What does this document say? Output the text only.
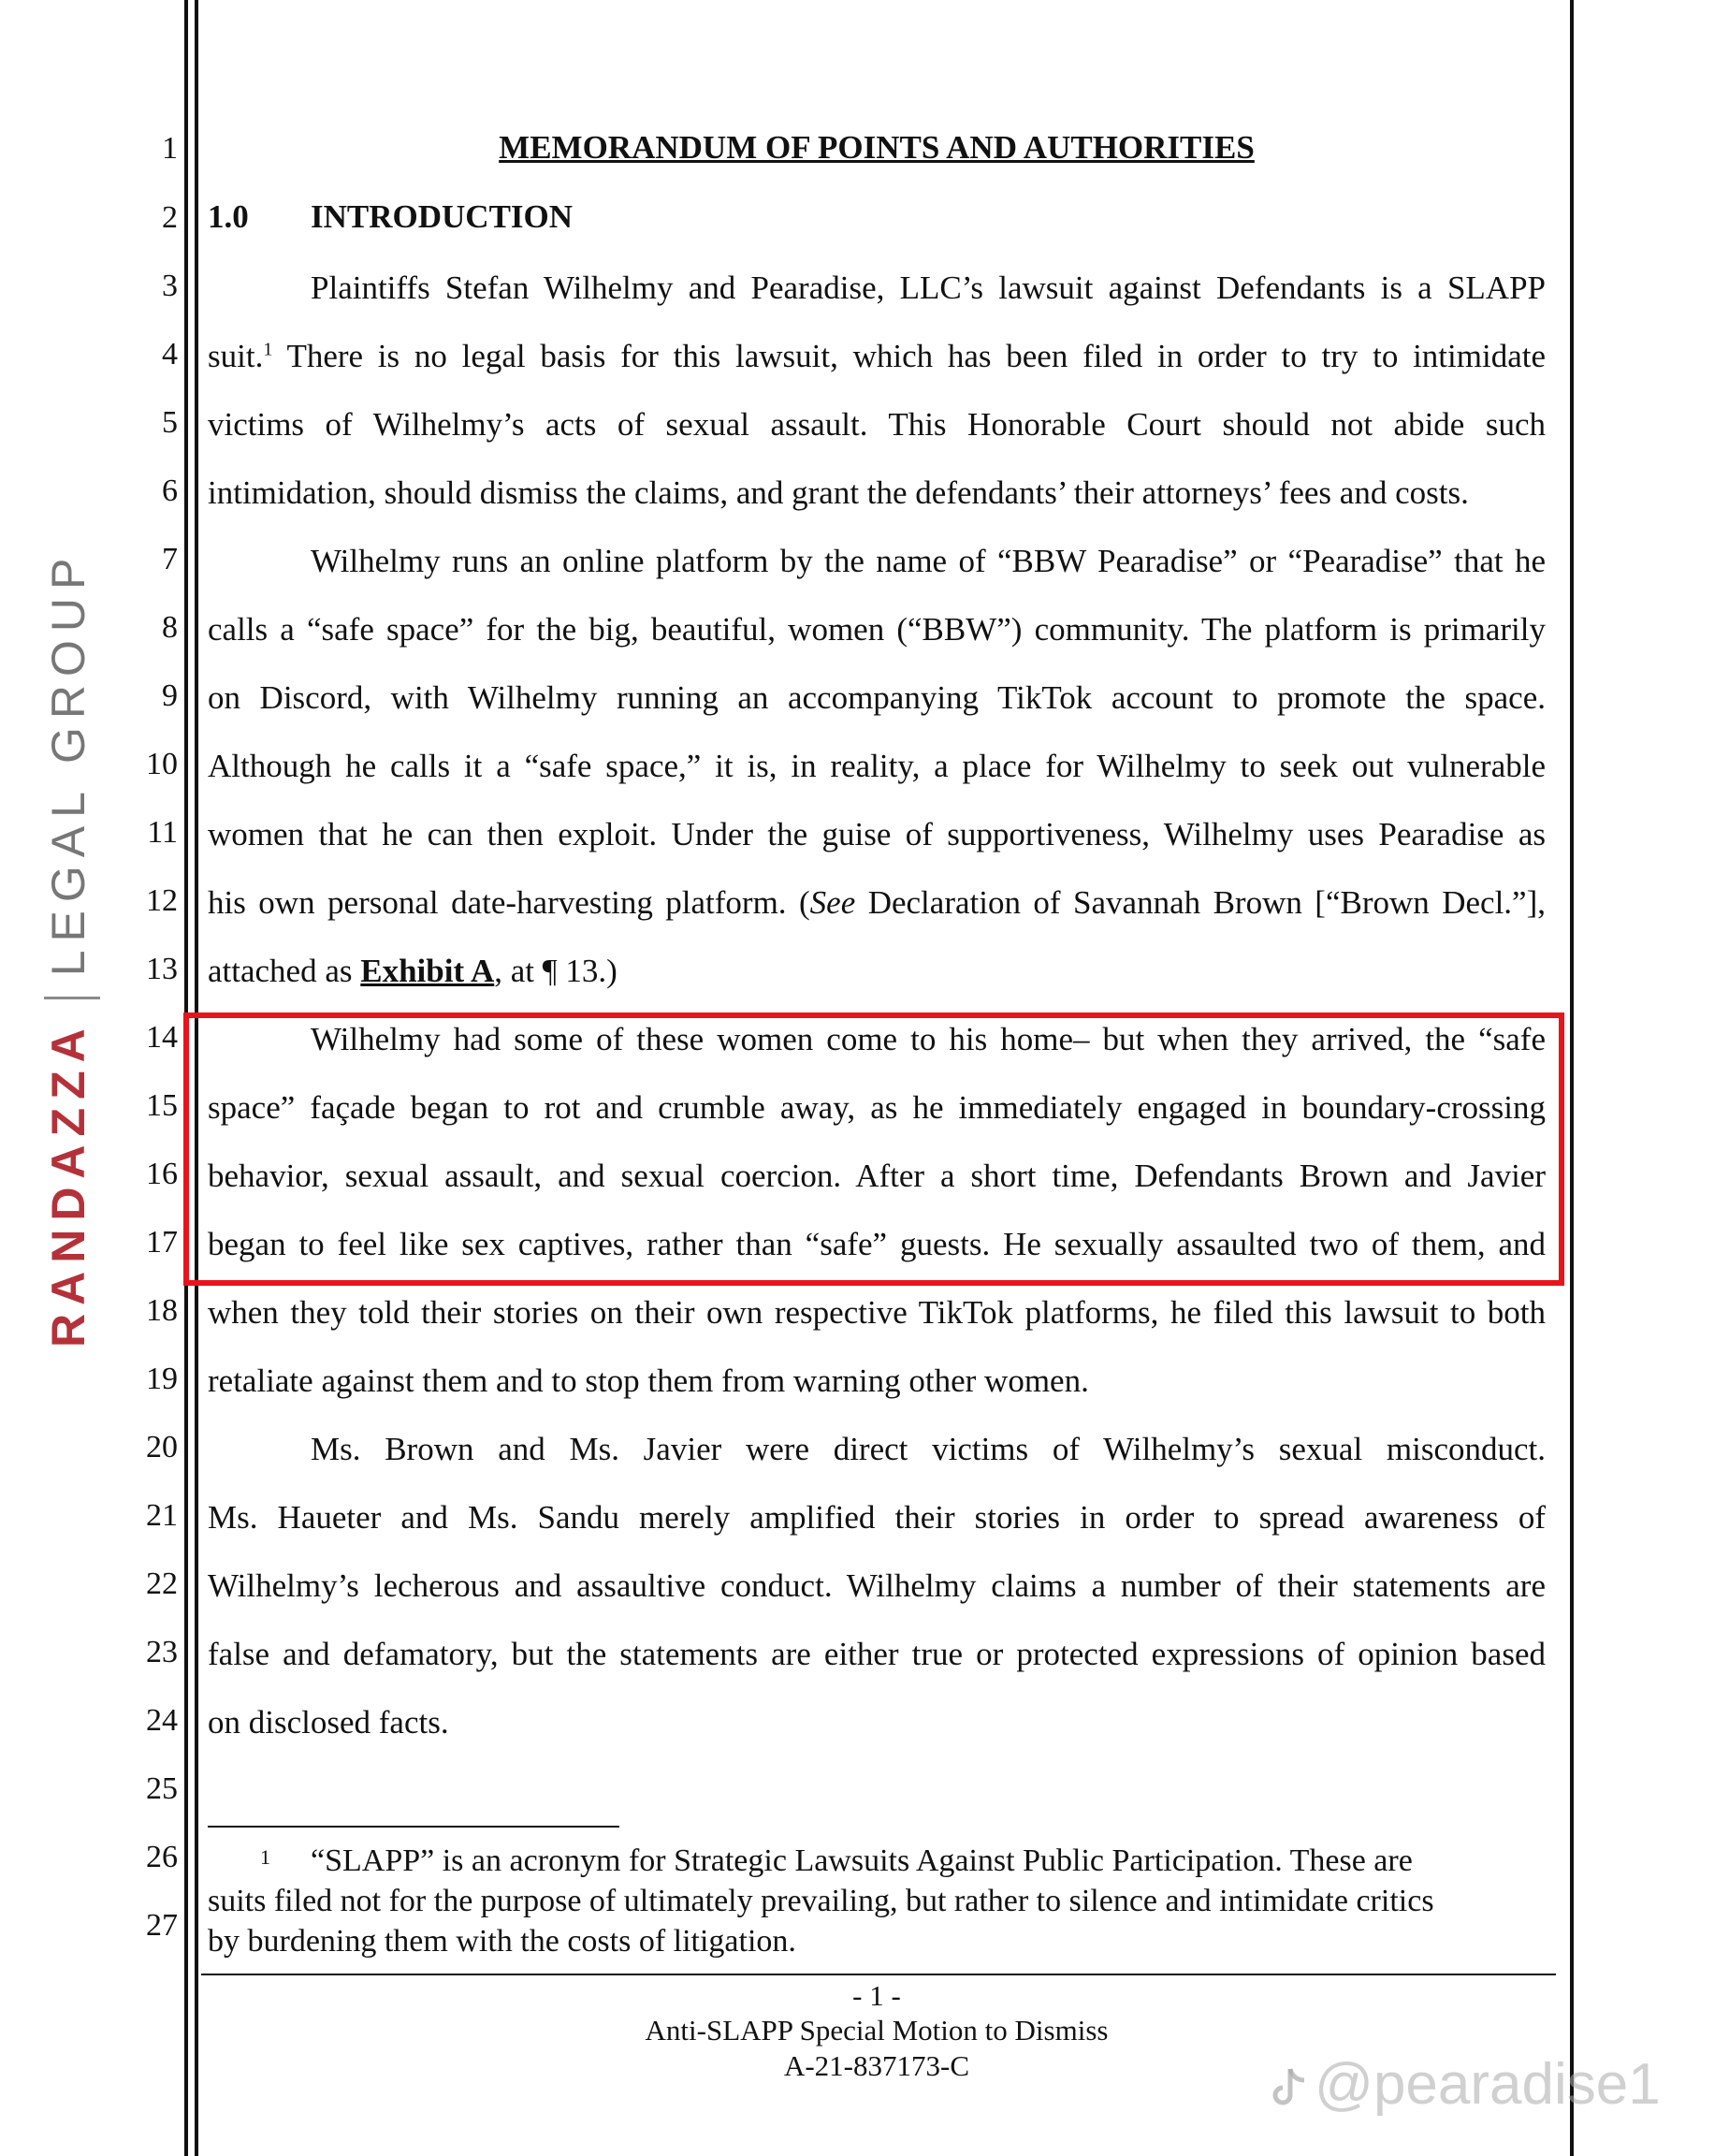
RANDAZZALEGAL GROUP
1
2
3
4
5
6
7
8
9
10
11
12
13
14
15
16
17
18
19
20
21
22
23
24
25
26
27
MEMORANDUM OF POINTS AND AUTHORITIES
1.0 INTRODUCTION
Plaintiffs Stefan Wilhelmy and Pearadise, LLC’s lawsuit against Defendants is a SLAPP
suit.$^1$ There is no legal basis for this lawsuit, which has been filed in order to try to intimidate
victims of Wilhelmy’s acts of sexual assault. This Honorable Court should not abide such
intimidation, should dismiss the claims, and grant the defendants’ their attorneys’ fees and costs.
Wilhelmy runs an online platform by the name of “BBW Pearadise” or “Pearadise” that he
calls a “safe space” for the big, beautiful, women (“BBW”) community. The platform is primarily
on Discord, with Wilhelmy running an accompanying TikTok account to promote the space.
Although he calls it a “safe space,” it is, in reality, a place for Wilhelmy to seek out vulnerable
women that he can then exploit. Under the guise of supportiveness, Wilhelmy uses Pearadise as
his own personal date-harvesting platform. (See Declaration of Savannah Brown [“Brown Decl.”],
attached as Exhibit A, at ¶ 13.)
Wilhelmy had some of these women come to his home– but when they arrived, the “safe
space” façade began to rot and crumble away, as he immediately engaged in boundary-crossing
behavior, sexual assault, and sexual coercion. After a short time, Defendants Brown and Javier
began to feel like sex captives, rather than “safe” guests. He sexually assaulted two of them, and
when they told their stories on their own respective TikTok platforms, he filed this lawsuit to both
retaliate against them and to stop them from warning other women.
Ms. Brown and Ms. Javier were direct victims of Wilhelmy’s sexual misconduct.
Ms. Haueter and Ms. Sandu merely amplified their stories in order to spread awareness of
Wilhelmy’s lecherous and assaultive conduct. Wilhelmy claims a number of their statements are
false and defamatory, but the statements are either true or protected expressions of opinion based
on disclosed facts.
1	“SLAPP” is an acronym for Strategic Lawsuits Against Public Participation. These are
suits filed not for the purpose of ultimately prevailing, but rather to silence and intimidate critics
by burdening them with the costs of litigation.
- 1 -
Anti-SLAPP Special Motion to Dismiss
A-21-837173-C	@pearadise1
